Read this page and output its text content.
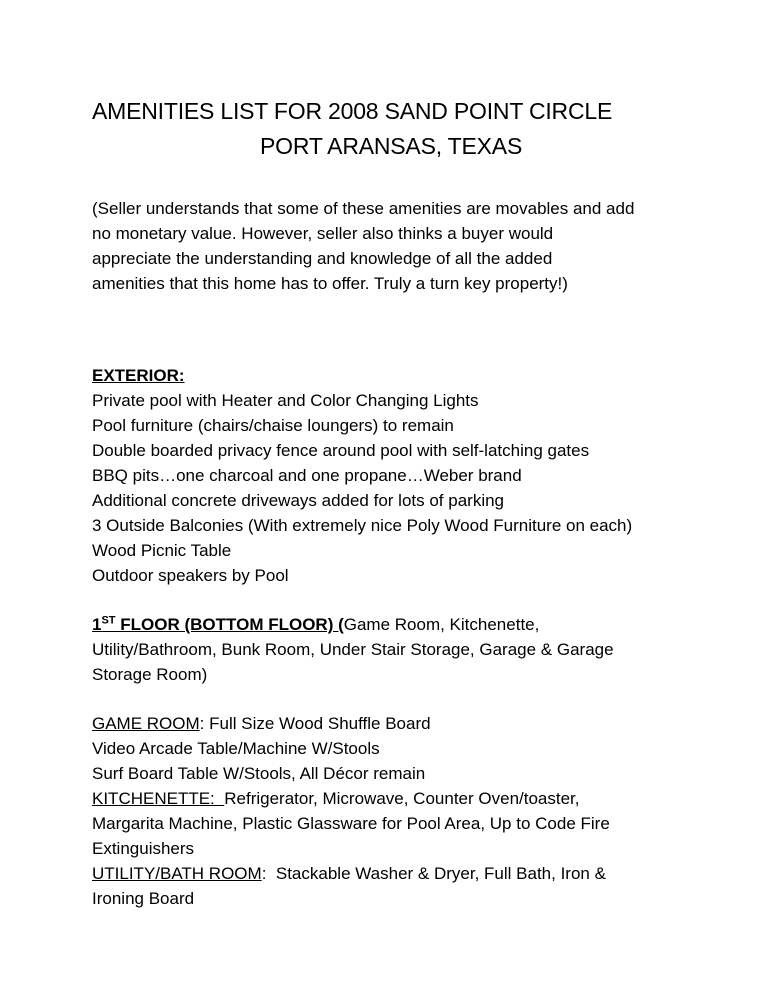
AMENITIES LIST FOR 2008 SAND POINT CIRCLE
PORT ARANSAS, TEXAS
(Seller understands that some of these amenities are movables and add
no monetary value. However, seller also thinks a buyer would
appreciate the understanding and knowledge of all the added
amenities that this home has to offer. Truly a turn key property!)
EXTERIOR:
Private pool with Heater and Color Changing Lights
Pool furniture (chairs/chaise loungers) to remain
Double boarded privacy fence around pool with self-latching gates
BBQ pits…one charcoal and one propane…Weber brand
Additional concrete driveways added for lots of parking
3 Outside Balconies (With extremely nice Poly Wood Furniture on each)
Wood Picnic Table
Outdoor speakers by Pool
1ST FLOOR (BOTTOM FLOOR) (Game Room, Kitchenette,
Utility/Bathroom, Bunk Room, Under Stair Storage, Garage & Garage
Storage Room)
GAME ROOM: Full Size Wood Shuffle Board
Video Arcade Table/Machine W/Stools
Surf Board Table W/Stools, All Décor remain
KITCHENETTE:  Refrigerator, Microwave, Counter Oven/toaster,
Margarita Machine, Plastic Glassware for Pool Area, Up to Code Fire
Extinguishers
UTILITY/BATH ROOM:  Stackable Washer & Dryer, Full Bath, Iron &
Ironing Board
